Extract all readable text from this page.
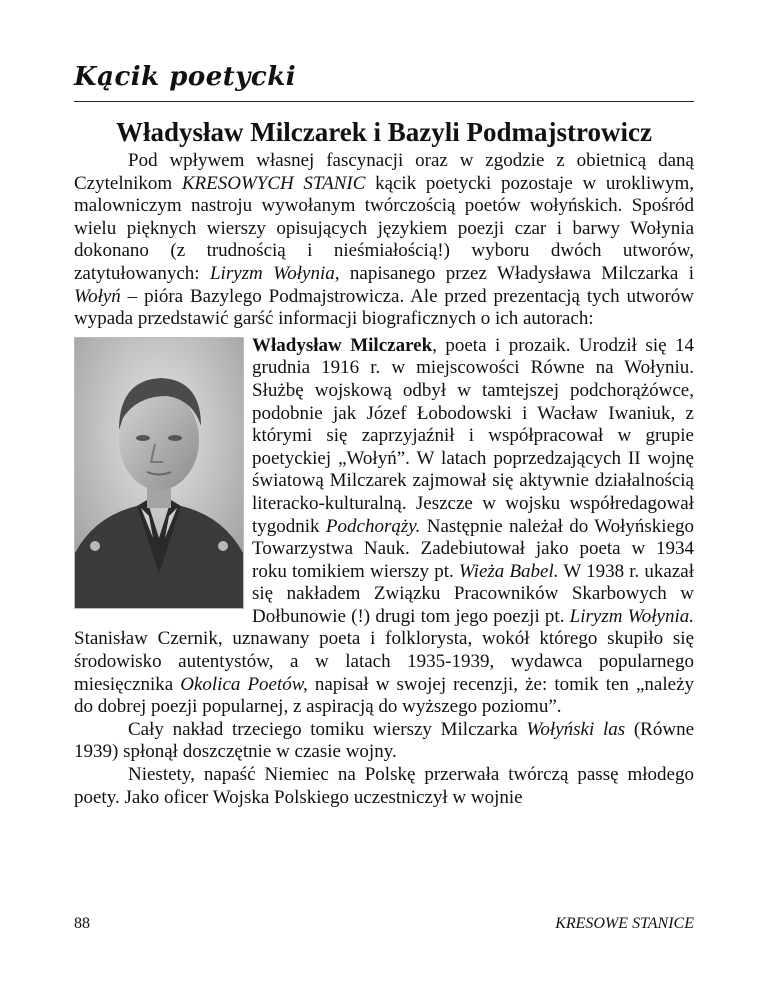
Kącik poetycki
Władysław Milczarek i Bazyli Podmajstrowicz

Pod wpływem własnej fascynacji oraz w zgodzie z obietnicą daną Czytelnikom KRESOWYCH STANIC kącik poetycki pozostaje w urokliwym, malowniczym nastroju wywołanym twórczością poetów wołyńskich. Spośród wielu pięknych wierszy opisujących językiem poezji czar i barwy Wołynia dokonano (z trudnością i nieśmiałością!) wyboru dwóch utworów, zatytułowanych: Liryzm Wołynia, napisanego przez Władysława Milczarka i Wołyń – pióra Bazylego Podmajstrowicza. Ale przed prezentacją tych utworów wypada przedstawić garść informacji biograficznych o ich autorach:

Władysław Milczarek, poeta i prozaik. Urodził się 14 grudnia 1916 r. w miejscowości Równe na Wołyniu. Służbę wojskową odbył w tamtejszej podchorążówce, podobnie jak Józef Łobodowski i Wacław Iwaniuk, z którymi się zaprzyjaźnił i współpracował w grupie poetyckiej „Wołyń”. W latach poprzedzających II wojnę światową Milczarek zajmował się aktywnie działalnością literacko-kulturalną. Jeszcze w wojsku współredagował tygodnik Podchorąży. Następnie należał do Wołyńskiego Towarzystwa Nauk. Zadebiutował jako poeta w 1934 roku tomikiem wierszy pt. Wieża Babel. W 1938 r. ukazał się nakładem Związku Pracowników Skarbowych w Dołbunowie (!) drugi tom jego poezji pt. Liryzm Wołynia. Stanisław Czernik, uznawany poeta i folklorysta, wokół którego skupiło się środowisko autentystów, a w latach 1935-1939, wydawca popularnego miesięcznika Okolica Poetów, napisał w swojej recenzji, że: tomik ten „należy do dobrej poezji popularnej, z aspiracją do wyższego poziomu”.

Cały nakład trzeciego tomiku wierszy Milczarka Wołyński las (Równe 1939) spłonął doszczętnie w czasie wojny.

Niestety, napaść Niemiec na Polskę przerwała twórczą passę młodego poety. Jako oficer Wojska Polskiego uczestniczył w wojnie

88	KRESOWE STANICE
